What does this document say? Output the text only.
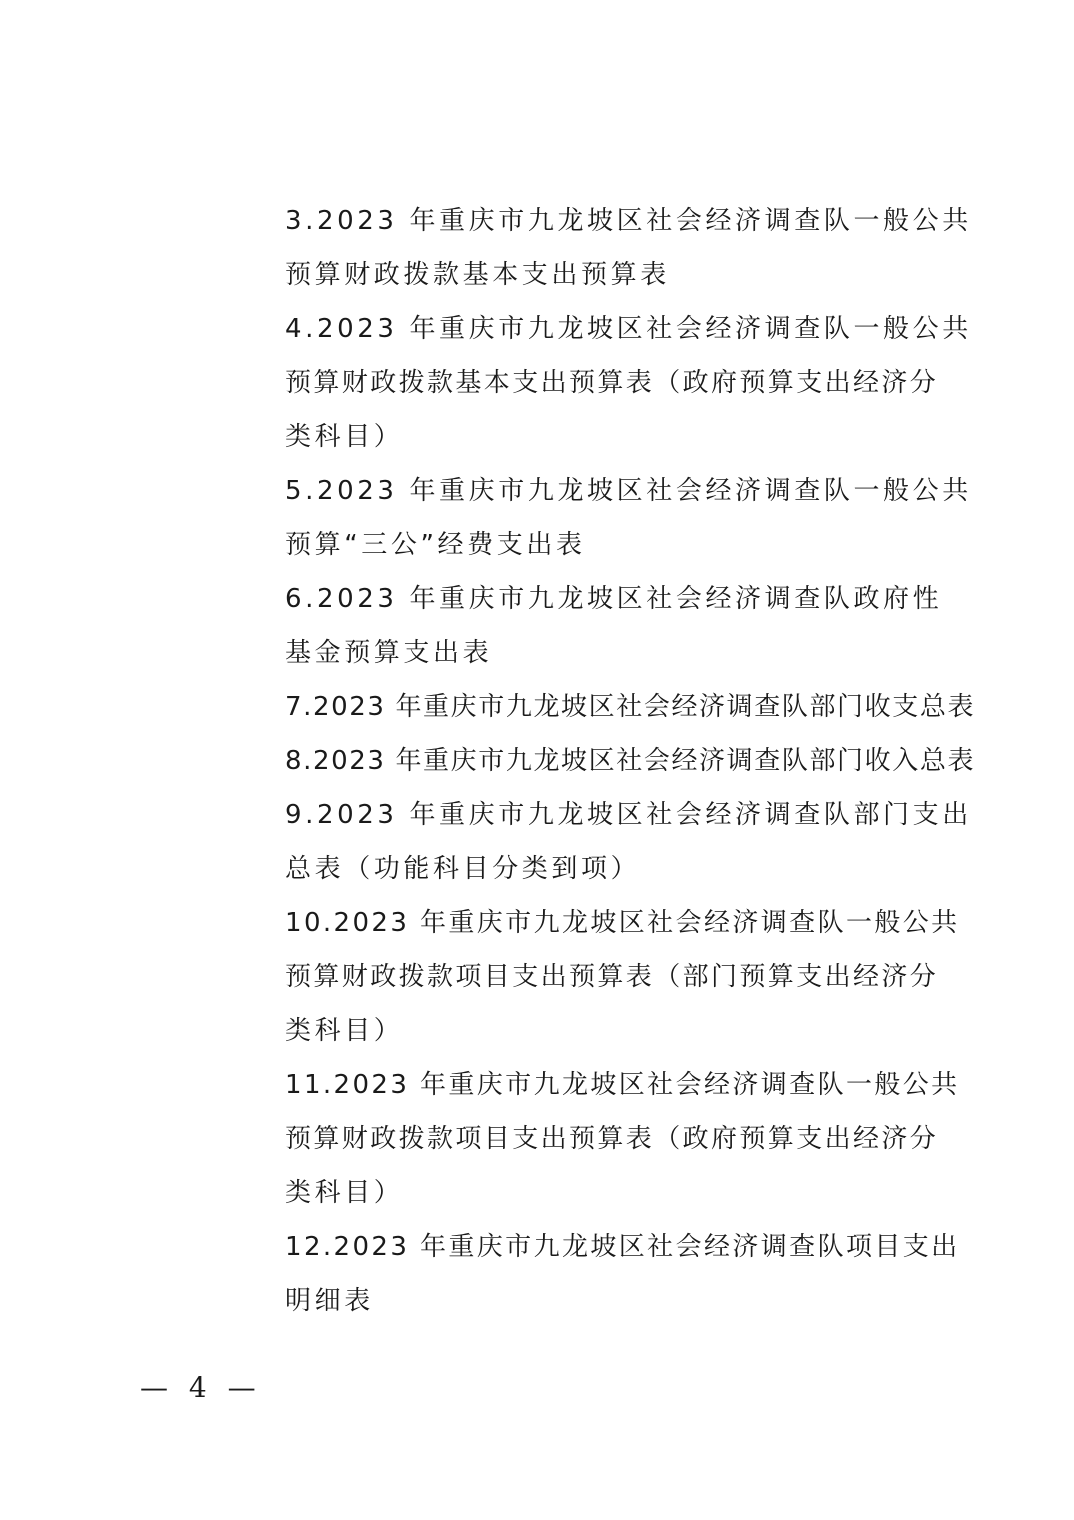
3.2023 年重庆市九龙坡区社会经济调查队一般公共
预算财政拨款基本支出预算表
4.2023 年重庆市九龙坡区社会经济调查队一般公共
预算财政拨款基本支出预算表（政府预算支出经济分
类科目）
5.2023 年重庆市九龙坡区社会经济调查队一般公共
预算“三公”经费支出表
6.2023 年重庆市九龙坡区社会经济调查队政府性
基金预算支出表
7.2023 年重庆市九龙坡区社会经济调查队部门收支总表
8.2023 年重庆市九龙坡区社会经济调查队部门收入总表
9.2023 年重庆市九龙坡区社会经济调查队部门支出
总表（功能科目分类到项）
10.2023 年重庆市九龙坡区社会经济调查队一般公共
预算财政拨款项目支出预算表（部门预算支出经济分
类科目）
11.2023 年重庆市九龙坡区社会经济调查队一般公共
预算财政拨款项目支出预算表（政府预算支出经济分
类科目）
12.2023 年重庆市九龙坡区社会经济调查队项目支出
明细表
— 4 —
